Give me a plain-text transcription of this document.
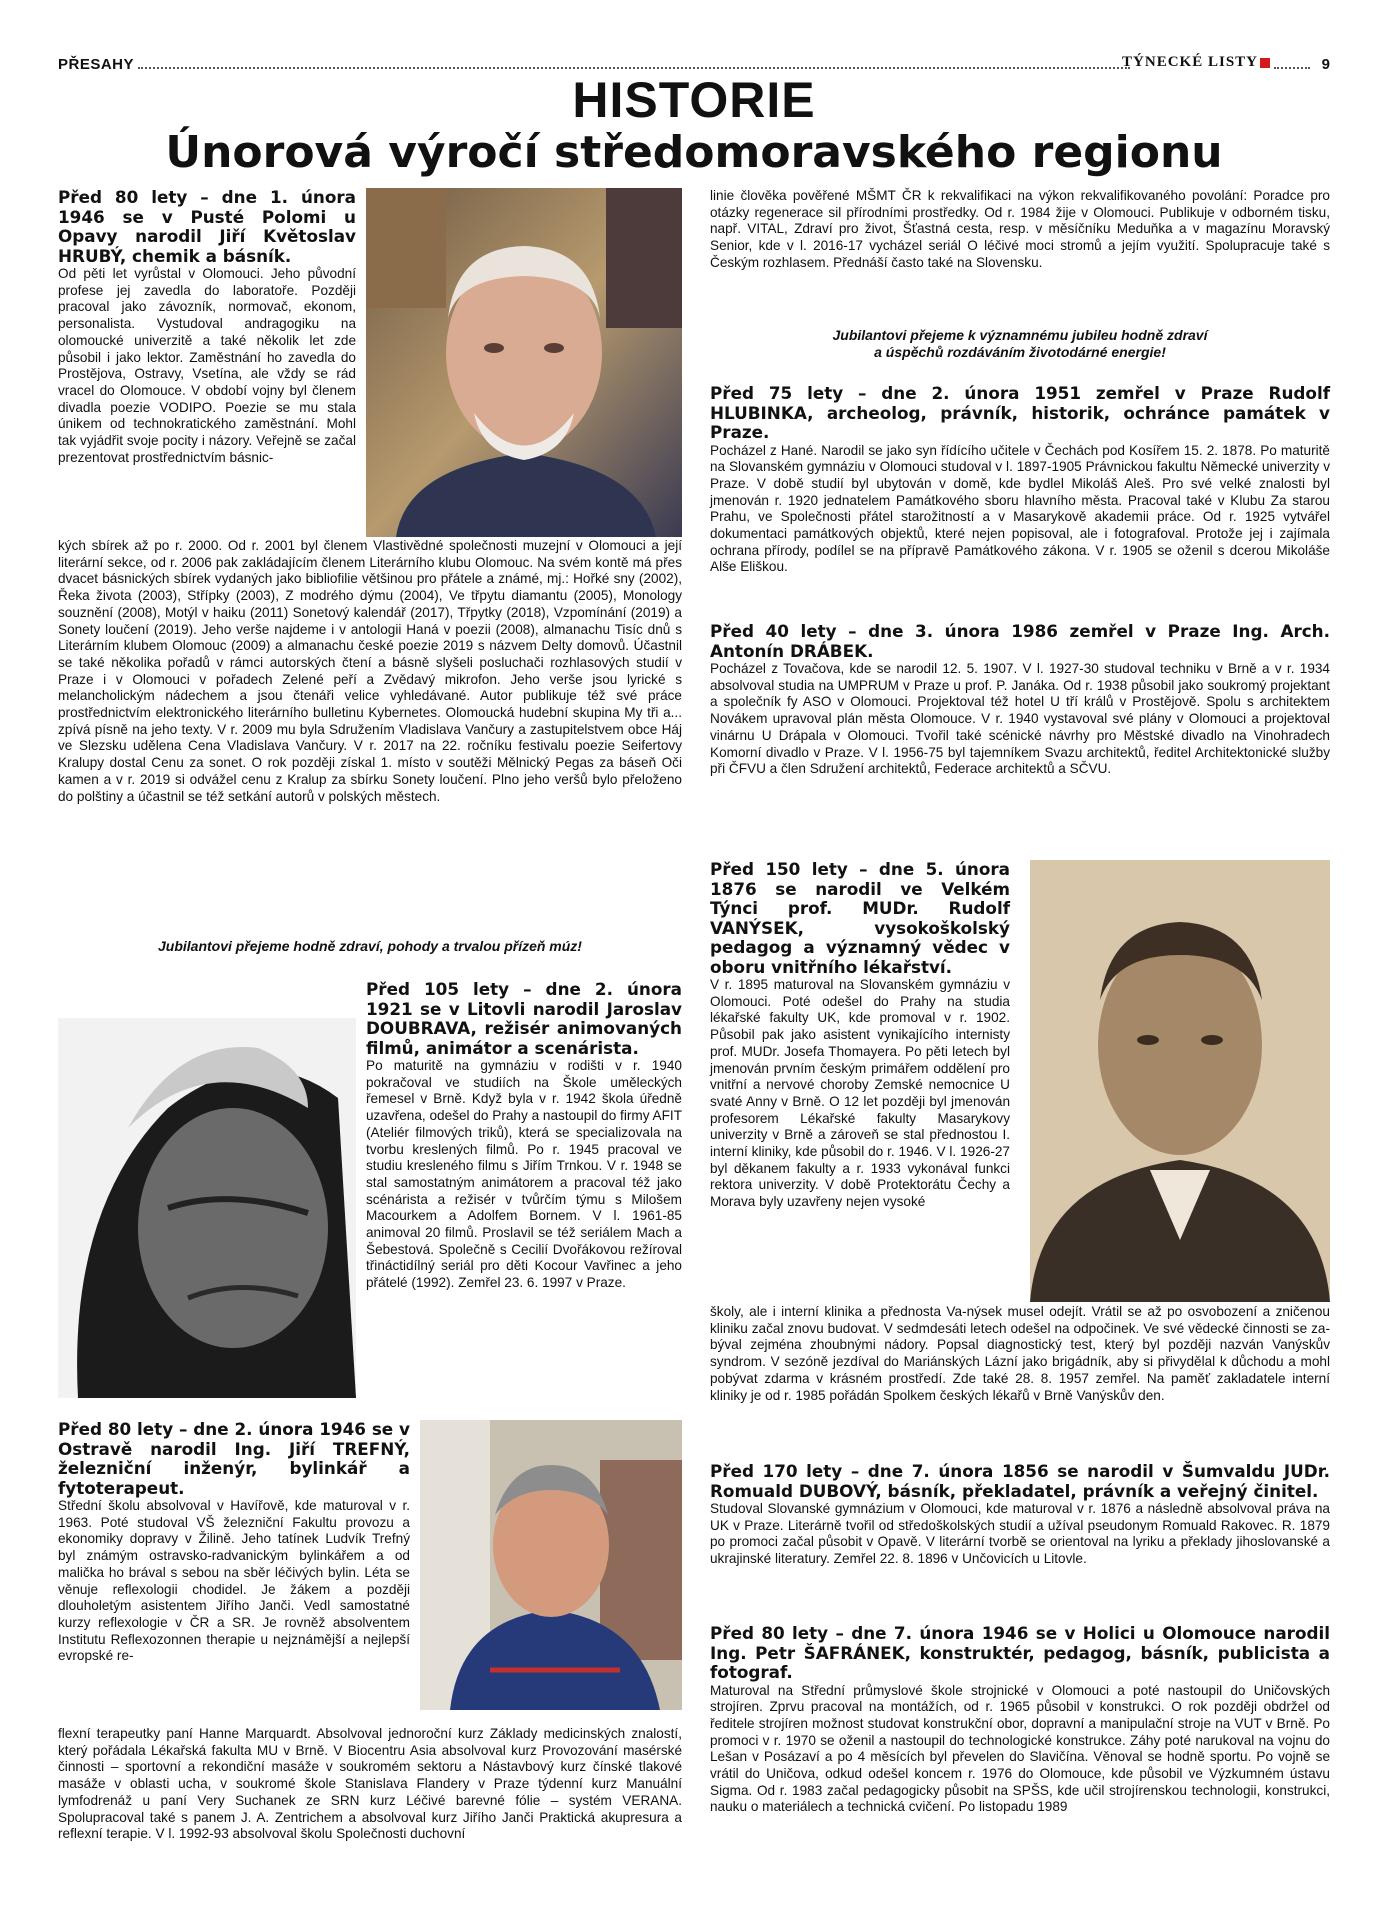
PŘESAHY	TÝNECKÉ LISTY	9
HISTORIE
Únorová výročí středomoravského regionu

Před 80 lety – dne 1. února 1946 se v Pusté Polomi u Opavy narodil Jiří Květoslav HRUBÝ, chemik a básník.

Od pěti let vyrůstal v Olomouci. Jeho původní profese jej zavedla do laboratoře. Později pracoval jako závozník, normovač, ekonom, personalista. Vystudoval andragogiku na olomoucké univerzitě a také několik let zde působil i jako lektor. Zaměstnání ho zavedla do Prostějova, Ostravy, Vsetína, ale vždy se rád vracel do Olomouce. V období vojny byl členem divadla poezie VODIPO. Poezie se mu stala únikem od technokratického zaměstnání. Mohl tak vyjádřit svoje pocity i názory. Veřejně se začal prezentovat prostřednictvím básnic-

kých sbírek až po r. 2000. Od r. 2001 byl členem Vlastivědné společnosti muzejní v Olomouci a její literární sekce, od r. 2006 pak zakládajícím členem Literárního klubu Olomouc. Na svém kontě má přes dvacet básnických sbírek vydaných jako bibliofilie většinou pro přátele a známé, mj.: Hořké sny (2002), Řeka života (2003), Střípky (2003), Z modrého dýmu (2004), Ve třpytu diamantu (2005), Monology souznění (2008), Motýl v haiku (2011) Sonetový kalendář (2017), Třpytky (2018), Vzpomínání (2019) a Sonety loučení (2019). Jeho verše najdeme i v antologii Haná v poezii (2008), almanachu Tisíc dnů s Literárním klubem Olomouc (2009) a almanachu české poezie 2019 s názvem Delty domovů. Účastnil se také několika pořadů v rámci autorských čtení a básně slyšeli posluchači rozhlasových studií v Praze i v Olomouci v pořadech Zelené peří a Zvědavý mikrofon. Jeho verše jsou lyrické s melancholickým nádechem a jsou čtenáři velice vyhledávané. Autor publikuje též své práce prostřednictvím elektronického literárního bulletinu Kybernetes. Olomoucká hudební skupina My tři a... zpívá písně na jeho texty. V r. 2009 mu byla Sdružením Vladislava Vančury a zastupitelstvem obce Háj ve Slezsku udělena Cena Vladislava Vančury. V r. 2017 na 22. ročníku festivalu poezie Seifertovy Kralupy dostal Cenu za sonet. O rok později získal 1. místo v soutěži Mělnický Pegas za báseň Oči kamen a v r. 2019 si odvážel cenu z Kralup za sbírku Sonety loučení. Plno jeho veršů bylo přeloženo do polštiny a účastnil se též setkání autorů v polských městech.

Jubilantovi přejeme hodně zdraví, pohody a trvalou přízeň múz!

Před 105 lety – dne 2. února 1921 se v Litovli narodil Jaroslav DOUBRAVA, režisér animovaných filmů, animátor a scenárista.

Po maturitě na gymnáziu v rodišti v r. 1940 pokračoval ve studiích na Škole uměleckých řemesel v Brně. Když byla v r. 1942 škola úředně uzavřena, odešel do Prahy a nastoupil do firmy AFIT (Ateliér filmových triků), která se specializovala na tvorbu kreslených filmů. Po r. 1945 pracoval ve studiu kresleného filmu s Jiřím Trnkou. V r. 1948 se stal samostatným animátorem a pracoval též jako scénárista a režisér v tvůrčím týmu s Milošem Macourkem a Adolfem Bornem. V l. 1961-85 animoval 20 filmů. Proslavil se též seriálem Mach a Šebestová. Společně s Cecilií Dvořákovou režíroval třináctidílný seriál pro děti Kocour Vavřinec a jeho přátelé (1992). Zemřel 23. 6. 1997 v Praze.

Před 80 lety – dne 2. února 1946 se v Ostravě narodil Ing. Jiří TREFNÝ, železniční inženýr, bylinkář a fytoterapeut.

Střední školu absolvoval v Havířově, kde maturoval v r. 1963. Poté studoval VŠ železniční Fakultu provozu a ekonomiky dopravy v Žilině. Jeho tatínek Ludvík Trefný byl známým ostravsko-radvanickým bylinkářem a od malička ho brával s sebou na sběr léčivých bylin. Léta se věnuje reflexologii chodidel. Je žákem a později dlouholetým asistentem Jiřího Janči. Vedl samostatné kurzy reflexologie v ČR a SR. Je rovněž absolventem Institutu Reflexozonnen therapie u nejznámější a nejlepší evropské re-

flexní terapeutky paní Hanne Marquardt. Absolvoval jednoroční kurz Základy medicinských znalostí, který pořádala Lékařská fakulta MU v Brně. V Biocentru Asia absolvoval kurz Provozování masérské činnosti – sportovní a rekondiční masáže v soukromém sektoru a Nástavbový kurz čínské tlakové masáže v oblasti ucha, v soukromé škole Stanislava Flandery v Praze týdenní kurz Manuální lymfodrenáž u paní Very Suchanek ze SRN kurz Léčivé barevné fólie – systém VERANA. Spolupracoval také s panem J. A. Zentrichem a absolvoval kurz Jiřího Janči Praktická akupresura a reflexní terapie. V l. 1992-93 absolvoval školu Společnosti duchovní

linie člověka pověřené MŠMT ČR k rekvalifikaci na výkon rekvalifikovaného povolání: Poradce pro otázky regenerace sil přírodními prostředky. Od r. 1984 žije v Olomouci. Publikuje v odborném tisku, např. VITAL, Zdraví pro život, Šťastná cesta, resp. v měsíčníku Meduňka a v magazínu Moravský Senior, kde v l. 2016-17 vycházel seriál O léčivé moci stromů a jejím využití. Spolupracuje také s Českým rozhlasem. Přednáší často také na Slovensku.

Jubilantovi přejeme k významnému jubileu hodně zdraví
a úspěchů rozdáváním životodárné energie!

Před 75 lety – dne 2. února 1951 zemřel v Praze Rudolf HLUBINKA, archeolog, právník, historik, ochránce památek v Praze.

Pocházel z Hané. Narodil se jako syn řídícího učitele v Čechách pod Kosířem 15. 2. 1878. Po maturitě na Slovanském gymnáziu v Olomouci studoval v l. 1897-1905 Právnickou fakultu Německé univerzity v Praze. V době studií byl ubytován v domě, kde bydlel Mikoláš Aleš. Pro své velké znalosti byl jmenován r. 1920 jednatelem Památkového sboru hlavního města. Pracoval také v Klubu Za starou Prahu, ve Společnosti přátel starožitností a v Masarykově akademii práce. Od r. 1925 vytvářel dokumentaci památkových objektů, které nejen popisoval, ale i fotografoval. Protože jej i zajímala ochrana přírody, podílel se na přípravě Památkového zákona. V r. 1905 se oženil s dcerou Mikoláše Alše Eliškou.

Před 40 lety – dne 3. února 1986 zemřel v Praze Ing. Arch. Antonín DRÁBEK.

Pocházel z Tovačova, kde se narodil 12. 5. 1907. V l. 1927-30 studoval techniku v Brně a v r. 1934 absolvoval studia na UMPRUM v Praze u prof. P. Janáka. Od r. 1938 působil jako soukromý projektant a společník fy ASO v Olomouci. Projektoval též hotel U tří králů v Prostějově. Spolu s architektem Novákem upravoval plán města Olomouce. V r. 1940 vystavoval své plány v Olomouci a projektoval vinárnu U Drápala v Olomouci. Tvořil také scénické návrhy pro Městské divadlo na Vinohradech Komorní divadlo v Praze. V l. 1956-75 byl tajemníkem Svazu architektů, ředitel Architektonické služby při ČFVU a člen Sdružení architektů, Federace architektů a SČVU.

Před 150 lety – dne 5. února 1876 se narodil ve Velkém Týnci prof. MUDr. Rudolf VANÝSEK, vysokoškolský pedagog a významný vědec v oboru vnitřního lékařství.

V r. 1895 maturoval na Slovanském gymnáziu v Olomouci. Poté odešel do Prahy na studia lékařské fakulty UK, kde promoval v r. 1902. Působil pak jako asistent vynikajícího internisty prof. MUDr. Josefa Thomayera. Po pěti letech byl jmenován prvním českým primářem oddělení pro vnitřní a nervové choroby Zemské nemocnice U svaté Anny v Brně. O 12 let později byl jmenován profesorem Lékařské fakulty Masarykovy univerzity v Brně a zároveň se stal přednostou I. interní kliniky, kde působil do r. 1946. V l. 1926-27 byl děkanem fakulty a r. 1933 vykonával funkci rektora univerzity. V době Protektorátu Čechy a Morava byly uzavřeny nejen vysoké

školy, ale i interní klinika a přednosta Va-nýsek musel odejít. Vrátil se až po osvobození a zničenou kliniku začal znovu budovat. V sedmdesáti letech odešel na odpočinek. Ve své vědecké činnosti se za-býval zejména zhoubnými nádory. Popsal diagnostický test, který byl později nazván Vanýskův syndrom. V sezóně jezdíval do Mariánských Lázní jako brigádník, aby si přivydělal k důchodu a mohl pobývat zdarma v krásném prostředí. Zde také 28. 8. 1957 zemřel. Na paměť zakladatele interní kliniky je od r. 1985 pořádán Spolkem českých lékařů v Brně Vanýskův den.

Před 170 lety – dne 7. února 1856 se narodil v Šumvaldu JUDr. Romuald DUBOVÝ, básník, překladatel, právník a veřejný činitel.

Studoval Slovanské gymnázium v Olomouci, kde maturoval v r. 1876 a následně absolvoval práva na UK v Praze. Literárně tvořil od středoškolských studií a užíval pseudonym Romuald Rakovec. R. 1879 po promoci začal působit v Opavě. V literární tvorbě se orientoval na lyriku a překlady jihoslovanské a ukrajinské literatury. Zemřel 22. 8. 1896 v Unčovicích u Litovle.

Před 80 lety – dne 7. února 1946 se v Holici u Olomouce narodil Ing. Petr ŠAFRÁNEK, konstruktér, pedagog, básník, publicista a fotograf.

Maturoval na Střední průmyslové škole strojnické v Olomouci a poté nastoupil do Uničovských strojíren. Zprvu pracoval na montážích, od r. 1965 působil v konstrukci. O rok později obdržel od ředitele strojíren možnost studovat konstrukční obor, dopravní a manipulační stroje na VUT v Brně. Po promoci v r. 1970 se oženil a nastoupil do technologické konstrukce. Záhy poté narukoval na vojnu do Lešan v Posázaví a po 4 měsících byl převelen do Slavičína. Věnoval se hodně sportu. Po vojně se vrátil do Uničova, odkud odešel koncem r. 1976 do Olomouce, kde působil ve Výzkumném ústavu Sigma. Od r. 1983 začal pedagogicky působit na SPŠS, kde učil strojírenskou technologii, konstrukci, nauku o materiálech a technická cvičení. Po listopadu 1989
